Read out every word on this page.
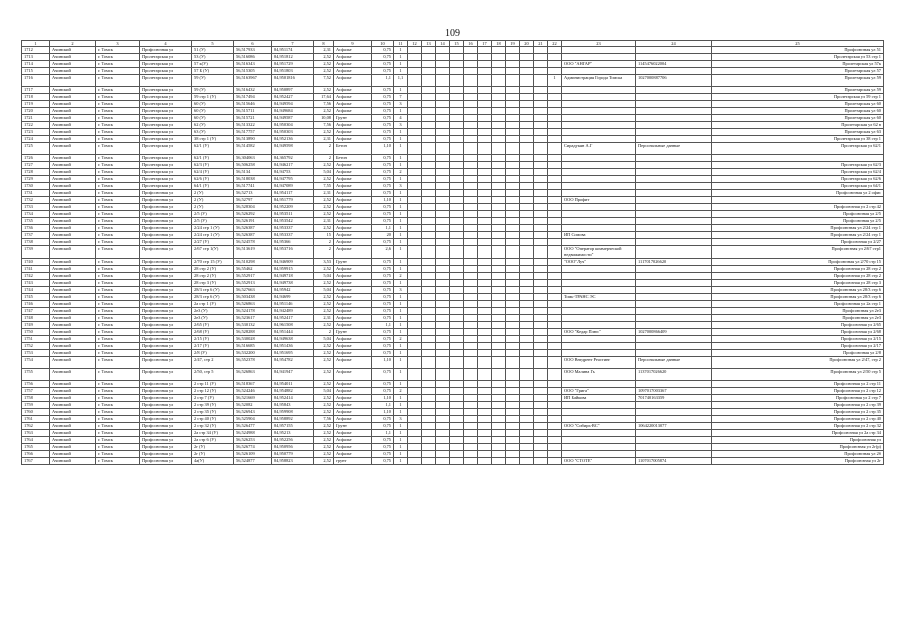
109
1	2	3	4	5	6	7	8	9	10	11	12	13	14	15	16	17	18	19	20	21	22	23	24	25
1712	Ачинский	г. Томск	Профсоюзная ул	51 (У)	56,517933	84,951174	2,31	Асфальт	0,75	1														Профсоюзная ул 51
1713	Ачинский	г. Томск	Пролетарская ул	53 (У)	56,516086	84,951812	2,52	Асфальт	0,75	1														Пролетарская ул 53 стр 1
1714	Ачинский	г. Томск	Пролетарская ул	57 к(У)	56,516343	84,951729	2,52	Асфальт	0,75	1												ООО "АНГАР"	1145476022004	Пролетарская ул 57к
1715	Ачинский	г. Томск	Пролетарская ул	57 Б (У)	56,515305	84,951803	2,52	Асфальт	0,75	1														Пролетарская ул 57
1716	Ачинский	г. Томск	Пролетарская ул	59 (У)	56,5163967	84,9501816	7,52	Асфальт	1,1	1,1											1	Администрация Города Томска	1027000887706	Пролетарская ул 59
1717	Ачинский	г. Томск	Пролетарская ул	59 (У)	56,516432	84,950897	2,52	Асфальт	0,75	1														Пролетарская ул 59
1718	Ачинский	г. Томск	Пролетарская ул	59 стр 1 (У)	56,517494	84,952427	17,64	Асфальт	0,75	7														Пролетарская ул 59 стр 1
1719	Ачинский	г. Томск	Пролетарская ул	60 (У)	56,515646	84,949594	7,56	Асфальт	0,75	3														Пролетарская ул 60
1720	Ачинский	г. Томск	Пролетарская ул	60 (У)	56,515711	84,949684	2,52	Асфальт	0,75	1														Пролетарская ул 60
1721	Ачинский	г. Томск	Пролетарская ул	60 (У)	56,515721	84,949587	10,08	Грунт	0,75	4														Пролетарская ул 60
1722	Ачинский	г. Томск	Пролетарская ул	62 (У)	56,513322	84,950304	7,56	Асфальт	0,75	3														Пролетарская ул 62 в
1723	Ачинский	г. Томск	Пролетарская ул	63 (У)	56,517757	84,950303	2,52	Асфальт	0,75	1														Пролетарская ул 63
1724	Ачинский	г. Томск	Пролетарская ул	38 стр 1 (У)	56,513890	84,952136	2,31	Асфальт	0,75	1														Пролетарская ул 38 стр 1
1725	Ачинский	г. Томск	Пролетарская ул	62/1 (У)	56,514582	84,949598	2	Бетон	1,10	1												Сирадукян А.Г	Персональные данные	Пролетарская ул 62/1
1726	Ачинский	г. Томск	Пролетарская ул	62/1 (У)	56,304063	84,365792	2	Бетон	0,75	1														
1727	Ачинский	г. Томск	Пролетарская ул	62/3 (У)	56,506258	84,946217	2,52	Асфальт	0,75	1														Пролетарская ул 62/3
1728	Ачинский	г. Томск	Пролетарская ул	62/4 (У)	56,5134	84,94753	5,04	Асфальт	0,75	2														Пролетарская ул 62/4
1729	Ачинский	г. Томск	Пролетарская ул	62/6 (У)	56,518038	84,947795	2,52	Асфальт	0,75	1														Пролетарская ул 62/6
1730	Ачинский	г. Томск	Пролетарская ул	64/1 (У)	56,517741	84,947089	7,55	Асфальт	0,75	3														Пролетарская ул 64/1
1731	Ачинский	г. Томск	Профсоюзная ул	2 (У)	56,52713	84,954117	2,31	Асфальт	0,75	1														Профсоюзная ул 2 офис
1732	Ачинский	г. Томск	Профсоюзная ул	2 (У)	56,52797	84,951779	2,52	Асфальт	1,10	1												ООО Профит		
1733	Ачинский	г. Томск	Профсоюзная ул	2 (У)	56,528304	84,952209	2,52	Асфальт	0,75	1														Профсоюзная ул 2 стр 42
1734	Ачинский	г. Томск	Профсоюзная ул	2/5 (У)	56,526292	84,953511	2,52	Асфальт	0,75	1														Профсоюзная ул 2/5
1735	Ачинский	г. Томск	Профсоюзная ул	2/5 (У)	56,526191	84,953542	2,31	Асфальт	0,75	1														Профсоюзная ул 2/5
1736	Ачинский	г. Томск	Профсоюзная ул	2/24 стр 1 (У)	56,526387	84,953337	2,52	Асфальт	1,1	1														Профсоюзная ул 2/24 стр 1
1737	Ачинский	г. Томск	Профсоюзная ул	2/24 стр 1 (У)	56,526387	84,953337	15	Асфальт	20	1												ИП Сомова		Профсоюзная ул 2/24 стр 1
1738	Ачинский	г. Томск	Профсоюзная ул	2/27 (У)	56,524578	84,95366	2	Асфальт	0,75	1														Профсоюзная ул 2/27
1739	Ачинский	г. Томск	Профсоюзная ул	2/67 стр 1(У)	56,513619	84,953716	2	Асфальт	2,6	1												ООО "Оператор коммерческой недвижимости"		Профсоюзная ул 2/67 стр1
1740	Ачинский	г. Томск	Профсоюзная ул	2/70 стр 15 (У)	56,510298	84,946909	3,53	Грунт	0,75	1												"ООО"Луч"	1117017026620	Профсоюзная ул 2/70 стр 15
1741	Ачинский	г. Томск	Профсоюзная ул	28 стр 2 (У)	56,55462	84,959915	2,52	Асфальт	0,75	1														Профсоюзная ул 28 стр 2
1742	Ачинский	г. Томск	Профсоюзная ул	28 стр 2 (У)	56,552917	84,949718	5,04	Асфальт	0,75	2														Профсоюзная ул 28 стр 2
1743	Ачинский	г. Томск	Профсоюзная ул	28 стр 3 (У)	56,552913	84,949738	2,52	Асфальт	0,75	1														Профсоюзная ул 28 стр 3
1744	Ачинский	г. Томск	Профсоюзная ул	28/3 стр 6 (У)	56,527663	84,95942	5,04	Асфальт	0,75	3														Профсоюзная ул 28/3 стр 6
1745	Ачинский	г. Томск	Профсоюзная ул	28/3 стр 6 (У)	56,503438	84,94699	2,52	Асфальт	0,75	1												Томь-ТРАНС ЭС		Профсоюзная ул 28/3 стр 6
1746	Ачинский	г. Томск	Профсоюзная ул	2а стр 1 (У)	56,526863	84,951146	2,52	Асфальт	0,75	1														Профсоюзная ул 2а стр 1
1747	Ачинский	г. Томск	Профсоюзная ул	2е3 (У)	56,524178	84,942489	2,52	Асфальт	0,75	1														Профсоюзная ул 2е3
1748	Ачинский	г. Томск	Профсоюзная ул	2е3 (У)	56,523617	84,952417	2,31	Асфальт	0,75	1														Профсоюзная ул 2е3
1749	Ачинский	г. Томск	Профсоюзная ул	2/65 (У)	56,530132	84,961508	2,52	Асфальт	1,1	1														Профсоюзная ул 2/65
1750	Ачинский	г. Томск	Профсоюзная ул	2/68 (У)	56,528288	84,951444	2	Грунт	0,75	1												ООО "Кедар Плюс"	1027000866409	Профсоюзная ул 2/68
1751	Ачинский	г. Томск	Профсоюзная ул	2/15 (У)	56,530028	84,949638	5,04	Асфальт	0,75	2														Профсоюзная ул 2/15
1752	Ачинский	г. Томск	Профсоюзная ул	2/17 (У)	56,516685	84,951436	2,52	Асфальт	0,75	1														Профсоюзная ул 2/17
1753	Ачинский	г. Томск	Профсоюзная ул	2/8 (У)	56,532200	84,951695	2,52	Асфальт	0,75	1														Профсоюзная ул 2/8
1754	Ачинский	г. Томск	Профсоюзная ул	2/47, стр 2	56,552378	84,954782	2,52	Асфальт	1,10	1												ООО Внедрент Реастинг	Персональные данные	Профсоюзная ул 2/47, стр 2
1755	Ачинский	г. Томск	Профсоюзная ул	2/50, стр 5	56,526863	84,941947	2,52	Асфальт	0,75	1												ООО Малина Гь	1137017026620	Профсоюзная ул 2/50 стр 5
1756	Ачинский	г. Томск	Профсоюзная ул	2 стр 11 (У)	56,518367	84,954011	2,52	Асфальт	0,75	1														Профсоюзная ул 2 стр 11
1757	Ачинский	г. Томск	Профсоюзная ул	2 стр 12 (У)	56,524246	84,954882	5,04	Асфальт	0,75	2												ООО "Грига"	1097017003367	Профсоюзная ул 2 стр 12
1758	Ачинский	г. Томск	Профсоюзная ул	2 стр 7 (У)	56,521669	84,952414	2,52	Асфальт	1,10	1												ИП Байкова	701740163359	Профсоюзная ул 2 стр 7
1759	Ачинский	г. Томск	Профсоюзная ул	2 стр 39 (У)	56,52082	84,95843	2,52	Асфальт	1,1	1														Профсоюзная ул 2 стр 39
1760	Ачинский	г. Томск	Профсоюзная ул	2 стр 35 (У)	56,526943	84,959908	2,52	Асфальт	1,10	1														Профсоюзная ул 2 стр 35
1761	Ачинский	г. Томск	Профсоюзная ул	2 стр 40 (У)	56,525904	84,958892	7,56	Асфальт	0,75	3														Профсоюзная ул 2 стр 40
1762	Ачинский	г. Томск	Профсоюзная ул	2 стр 32 (У)	56,526477	84,957155	2,52	Грунт	0,75	1												ООО "Сибирь-ВС"	1064220013077	Профсоюзная ул 2 стр 32
1763	Ачинский	г. Томск	Профсоюзная ул	2а стр 34 (У)	56,524988	84,95213	2,52	Асфальт	1,1	1														Профсоюзная ул 2а стр 34
1764	Ачинский	г. Томск	Профсоюзная ул	2а стр 6 (У)	56,526253	84,952256	2,52	Асфальт	0,75	1														Профсоюзная ул
1765	Ачинский	г. Томск	Профсоюзная ул	2г (У)	56,526774	84,950956	2,52	Асфальт	0,75	1														Профсоюзная ул 2г(р)
1766	Ачинский	г. Томск	Профсоюзная ул	2г (У)	56,526109	84,950779	2,52	Асфальт	0,75	1														Профсоюзная ул 2б
1767	Ачинский	г. Томск	Профсоюзная ул	4а(У)	56,524877	84,958823	2,52	грунт	0,75	1												ООО "СТОТЕ"	1107017005874	Профсоюзная ул 2г
